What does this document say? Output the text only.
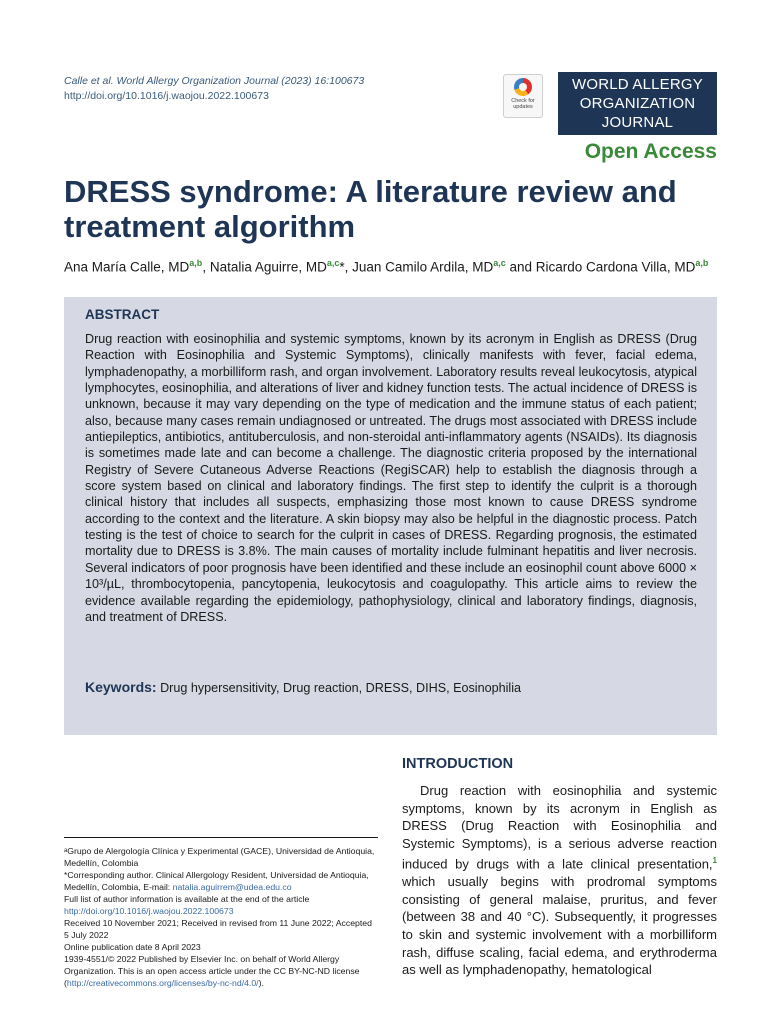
Calle et al. World Allergy Organization Journal (2023) 16:100673
http://doi.org/10.1016/j.waojou.2022.100673	Check for updates
WORLD ALLERGY
ORGANIZATION
JOURNAL
Open Access
DRESS syndrome: A literature review and treatment algorithm
Ana María Calle, MD$^{a,b}$, Natalia Aguirre, MD$^{a,c}$*, Juan Camilo Ardila, MD$^{a,c}$ and Ricardo Cardona Villa, MD$^{a,b}$
ABSTRACT
Drug reaction with eosinophilia and systemic symptoms, known by its acronym in English as DRESS (Drug Reaction with Eosinophilia and Systemic Symptoms), clinically manifests with fever, facial edema, lymphadenopathy, a morbilliform rash, and organ involvement. Laboratory results reveal leukocytosis, atypical lymphocytes, eosinophilia, and alterations of liver and kidney function tests. The actual incidence of DRESS is unknown, because it may vary depending on the type of medication and the immune status of each patient; also, because many cases remain undiagnosed or untreated. The drugs most associated with DRESS include antiepileptics, antibiotics, antituberculosis, and non-steroidal anti-inflammatory agents (NSAIDs). Its diagnosis is sometimes made late and can become a challenge. The diagnostic criteria proposed by the international Registry of Severe Cutaneous Adverse Reactions (RegiSCAR) help to establish the diagnosis through a score system based on clinical and laboratory findings. The first step to identify the culprit is a thorough clinical history that includes all suspects, emphasizing those most known to cause DRESS syndrome according to the context and the literature. A skin biopsy may also be helpful in the diagnostic process. Patch testing is the test of choice to search for the culprit in cases of DRESS. Regarding prognosis, the estimated mortality due to DRESS is 3.8%. The main causes of mortality include fulminant hepatitis and liver necrosis. Several indicators of poor prognosis have been identified and these include an eosinophil count above 6000 × 10³/µL, thrombocytopenia, pancytopenia, leukocytosis and coagulopathy. This article aims to review the evidence available regarding the epidemiology, pathophysiology, clinical and laboratory findings, diagnosis, and treatment of DRESS.
Keywords: Drug hypersensitivity, Drug reaction, DRESS, DIHS, Eosinophilia
INTRODUCTION
Drug reaction with eosinophilia and systemic symptoms, known by its acronym in English as DRESS (Drug Reaction with Eosinophilia and Systemic Symptoms), is a serious adverse reaction induced by drugs with a late clinical presentation,$^1$ which usually begins with prodromal symptoms consisting of general malaise, pruritus, and fever (between 38 and 40 °C). Subsequently, it progresses to skin and systemic involvement with a morbilliform rash, diffuse scaling, facial edema, and erythroderma as well as lymphadenopathy, hematological

ᵃGrupo de Alergología Clínica y Experimental (GACE), Universidad de Antioquia, Medellín, Colombia

*Corresponding author. Clinical Allergology Resident, Universidad de Antioquia, Medellín, Colombia, E-mail: natalia.aguirrem@udea.edu.co

Full list of author information is available at the end of the article

http://doi.org/10.1016/j.waojou.2022.100673

Received 10 November 2021; Received in revised from 11 June 2022; Accepted 5 July 2022

Online publication date 8 April 2023

1939-4551/© 2022 Published by Elsevier Inc. on behalf of World Allergy Organization. This is an open access article under the CC BY-NC-ND license (http://creativecommons.org/licenses/by-nc-nd/4.0/).
